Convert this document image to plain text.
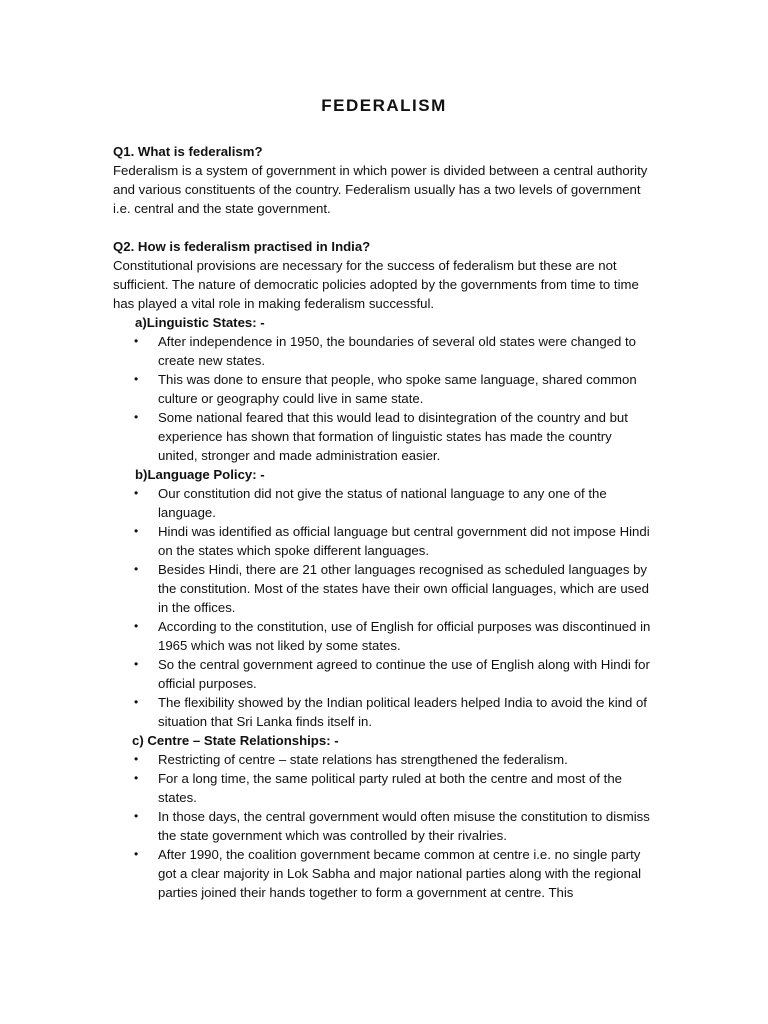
FEDERALISM

Q1. What is federalism?

Federalism is a system of government in which power is divided between a central authority and various constituents of the country. Federalism usually has a two levels of government i.e. central and the state government.

Q2. How is federalism practised in India?

Constitutional provisions are necessary for the success of federalism but these are not sufficient. The nature of democratic policies adopted by the governments from time to time has played a vital role in making federalism successful.

a)Linguistic States: -

• After independence in 1950, the boundaries of several old states were changed to create new states.
• This was done to ensure that people, who spoke same language, shared common culture or geography could live in same state.
• Some national feared that this would lead to disintegration of the country and but experience has shown that formation of linguistic states has made the country united, stronger and made administration easier.

b)Language Policy: -

• Our constitution did not give the status of national language to any one of the language.
• Hindi was identified as official language but central government did not impose Hindi on the states which spoke different languages.
• Besides Hindi, there are 21 other languages recognised as scheduled languages by the constitution. Most of the states have their own official languages, which are used in the offices.
• According to the constitution, use of English for official purposes was discontinued in 1965 which was not liked by some states.
• So the central government agreed to continue the use of English along with Hindi for official purposes.
• The flexibility showed by the Indian political leaders helped India to avoid the kind of situation that Sri Lanka finds itself in.

c) Centre – State Relationships: -

• Restricting of centre – state relations has strengthened the federalism.
• For a long time, the same political party ruled at both the centre and most of the states.
• In those days, the central government would often misuse the constitution to dismiss the state government which was controlled by their rivalries.
• After 1990, the coalition government became common at centre i.e. no single party got a clear majority in Lok Sabha and major national parties along with the regional parties joined their hands together to form a government at centre. This
